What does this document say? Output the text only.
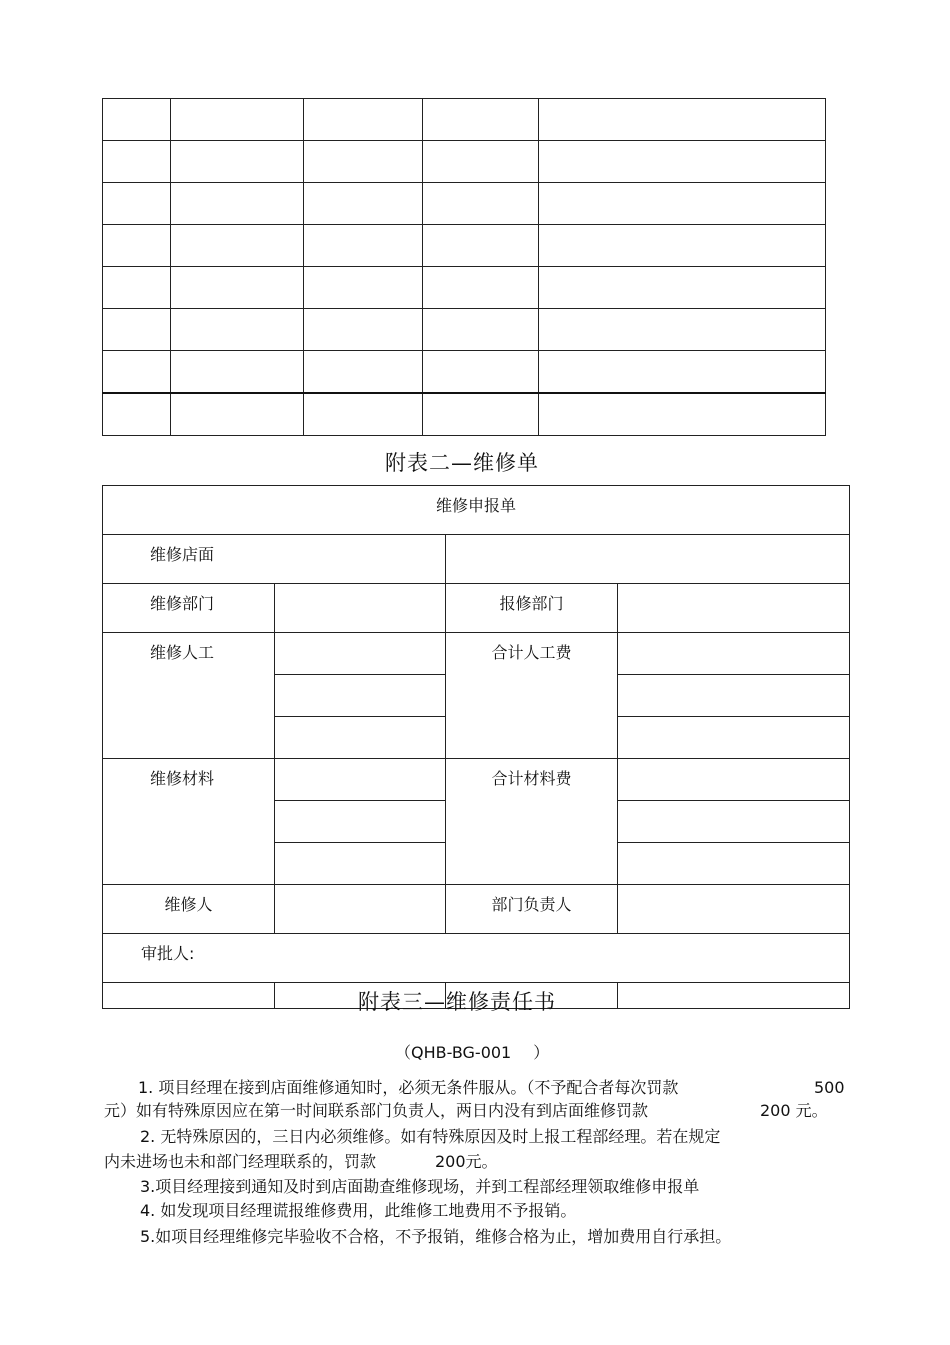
附表二—维修单
维修申报单			
维修店面			
维修部门		报修部门	
维修人工		合计人工费	

维修材料		合计材料费	

维修人		部门负责人	
审批人:			

附表三—维修责任书
（QHB-BG-001 ）
1. 项目经理在接到店面维修通知时，必须无条件服从。（不予配合者每次罚款	500
元）如有特殊原因应在第一时间联系部门负责人，两日内没有到店面维修罚款	200 元。
2. 无特殊原因的，三日内必须维修。如有特殊原因及时上报工程部经理。若在规定
内未进场也未和部门经理联系的，罚款	200元。
3.项目经理接到通知及时到店面勘查维修现场，并到工程部经理领取维修申报单
4. 如发现项目经理谎报维修费用，此维修工地费用不予报销。
5.如项目经理维修完毕验收不合格，不予报销，维修合格为止，增加费用自行承担。
